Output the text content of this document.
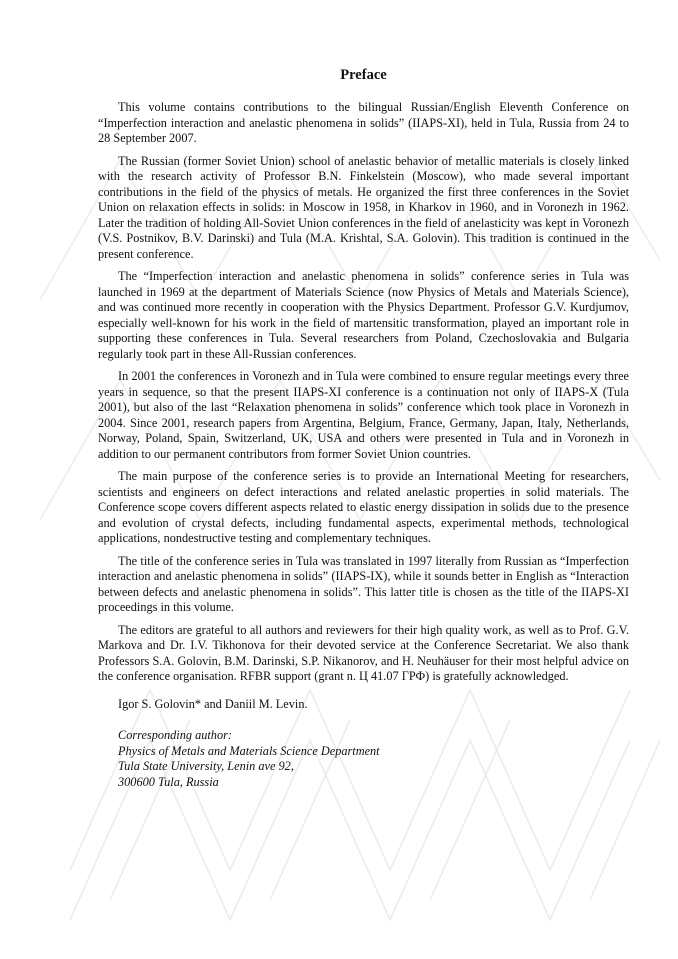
Preface

This volume contains contributions to the bilingual Russian/English Eleventh Conference on “Imperfection interaction and anelastic phenomena in solids” (IIAPS-XI), held in Tula, Russia from 24 to 28 September 2007.

The Russian (former Soviet Union) school of anelastic behavior of metallic materials is closely linked with the research activity of Professor B.N. Finkelstein (Moscow), who made several important contributions in the field of the physics of metals. He organized the first three conferences in the Soviet Union on relaxation effects in solids: in Moscow in 1958, in Kharkov in 1960, and in Voronezh in 1962. Later the tradition of holding All-Soviet Union conferences in the field of anelasticity was kept in Voronezh (V.S. Postnikov, B.V. Darinski) and Tula (M.A. Krishtal, S.A. Golovin). This tradition is continued in the present conference.

The “Imperfection interaction and anelastic phenomena in solids” conference series in Tula was launched in 1969 at the department of Materials Science (now Physics of Metals and Materials Science), and was continued more recently in cooperation with the Physics Department. Professor G.V. Kurdjumov, especially well-known for his work in the field of martensitic transformation, played an important role in supporting these conferences in Tula. Several researchers from Poland, Czechoslovakia and Bulgaria regularly took part in these All-Russian conferences.

In 2001 the conferences in Voronezh and in Tula were combined to ensure regular meetings every three years in sequence, so that the present IIAPS-XI conference is a continuation not only of IIAPS-X (Tula 2001), but also of the last “Relaxation phenomena in solids” conference which took place in Voronezh in 2004. Since 2001, research papers from Argentina, Belgium, France, Germany, Japan, Italy, Netherlands, Norway, Poland, Spain, Switzerland, UK, USA and others were presented in Tula and in Voronezh in addition to our permanent contributors from former Soviet Union countries.

The main purpose of the conference series is to provide an International Meeting for researchers, scientists and engineers on defect interactions and related anelastic properties in solid materials. The Conference scope covers different aspects related to elastic energy dissipation in solids due to the presence and evolution of crystal defects, including fundamental aspects, experimental methods, technological applications, nondestructive testing and complementary techniques.

The title of the conference series in Tula was translated in 1997 literally from Russian as “Imperfection interaction and anelastic phenomena in solids” (IIAPS-IX), while it sounds better in English as “Interaction between defects and anelastic phenomena in solids”. This latter title is chosen as the title of the IIAPS-XI proceedings in this volume.

The editors are grateful to all authors and reviewers for their high quality work, as well as to Prof. G.V. Markova and Dr. I.V. Tikhonova for their devoted service at the Conference Secretariat. We also thank Professors S.A. Golovin, B.M. Darinski, S.P. Nikanorov, and H. Neuhäuser for their most helpful advice on the conference organisation. RFBR support (grant n. Ц 41.07 ГРФ) is gratefully acknowledged.

Igor S. Golovin* and Daniil M. Levin.
Corresponding author:
Physics of Metals and Materials Science Department
Tula State University, Lenin ave 92,
300600 Tula, Russia
